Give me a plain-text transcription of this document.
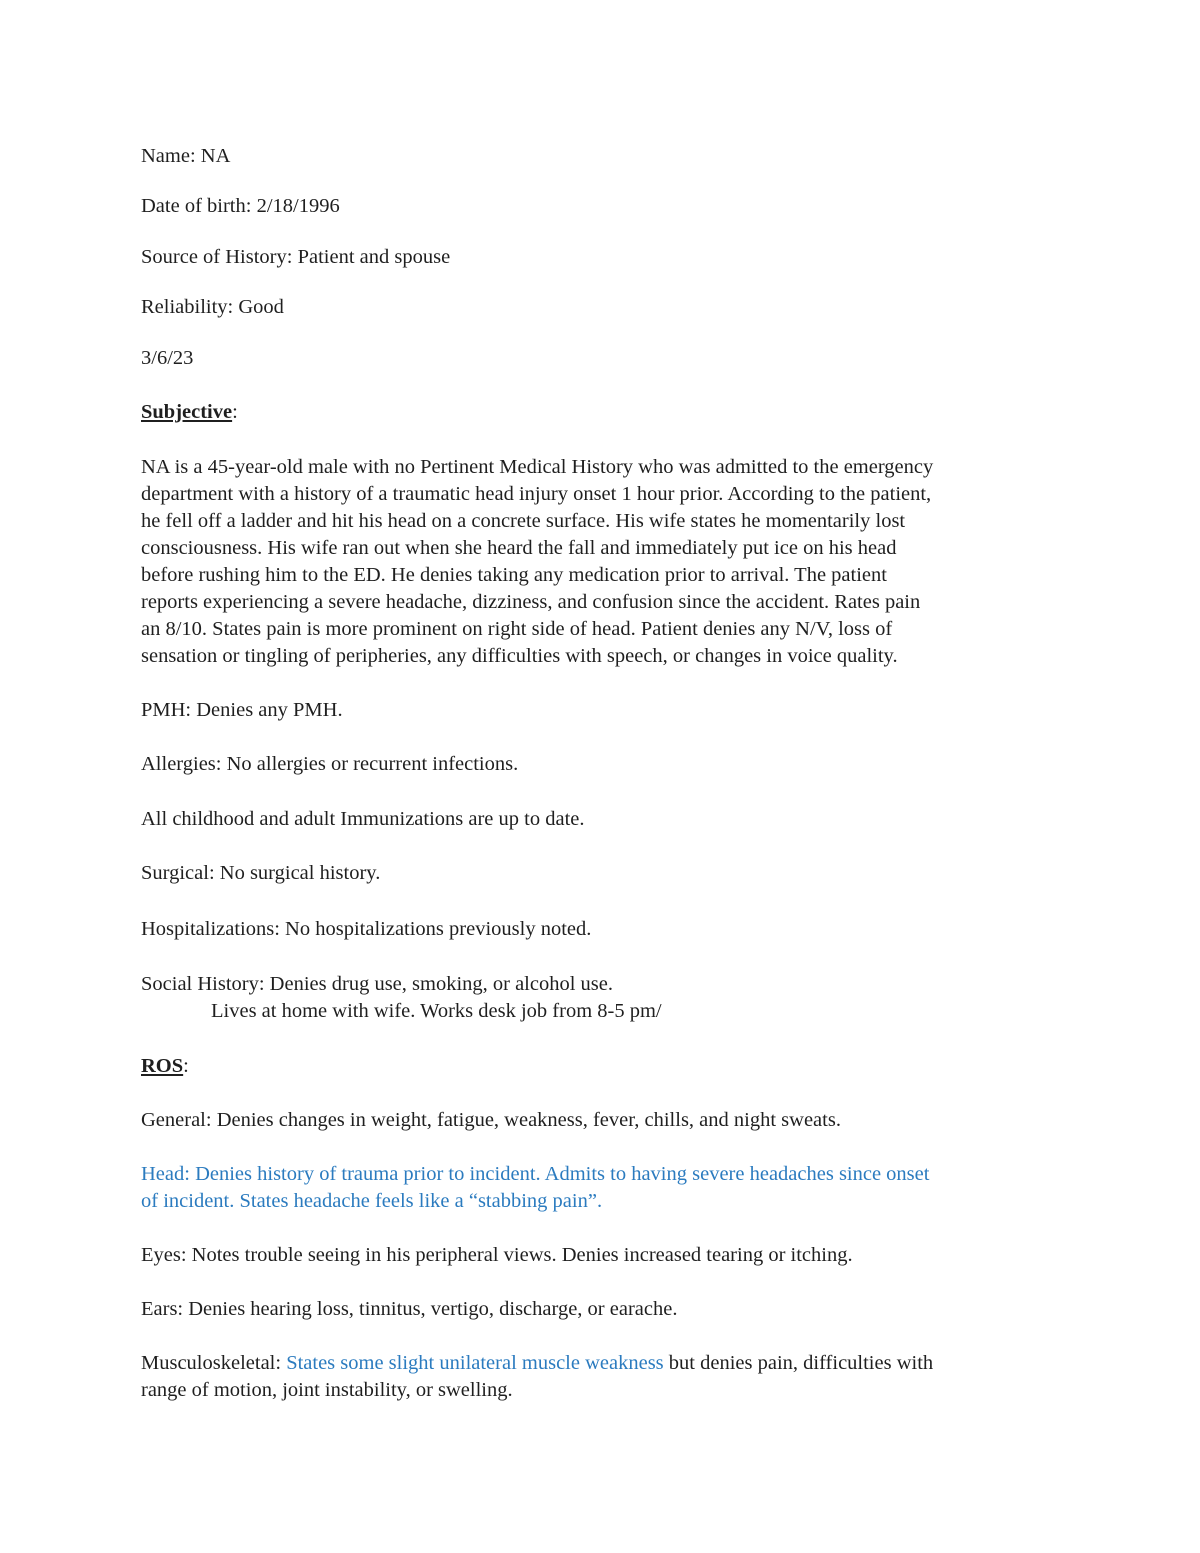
Name: NA

Date of birth: 2/18/1996

Source of History: Patient and spouse

Reliability: Good

3/6/23

Subjective:

NA is a 45-year-old male with no Pertinent Medical History who was admitted to the emergency

department with a history of a traumatic head injury onset 1 hour prior. According to the patient,

he fell off a ladder and hit his head on a concrete surface. His wife states he momentarily lost

consciousness. His wife ran out when she heard the fall and immediately put ice on his head

before rushing him to the ED. He denies taking any medication prior to arrival. The patient

reports experiencing a severe headache, dizziness, and confusion since the accident. Rates pain

an 8/10. States pain is more prominent on right side of head. Patient denies any N/V, loss of

sensation or tingling of peripheries, any difficulties with speech, or changes in voice quality.

PMH: Denies any PMH.

Allergies: No allergies or recurrent infections.

All childhood and adult Immunizations are up to date.

Surgical: No surgical history.

Hospitalizations: No hospitalizations previously noted.

Social History: Denies drug use, smoking, or alcohol use.

Lives at home with wife. Works desk job from 8-5 pm/

ROS:

General: Denies changes in weight, fatigue, weakness, fever, chills, and night sweats.

Head: Denies history of trauma prior to incident. Admits to having severe headaches since onset

of incident. States headache feels like a “stabbing pain”.

Eyes: Notes trouble seeing in his peripheral views. Denies increased tearing or itching.

Ears: Denies hearing loss, tinnitus, vertigo, discharge, or earache.

Musculoskeletal: States some slight unilateral muscle weakness but denies pain, difficulties with

range of motion, joint instability, or swelling.
